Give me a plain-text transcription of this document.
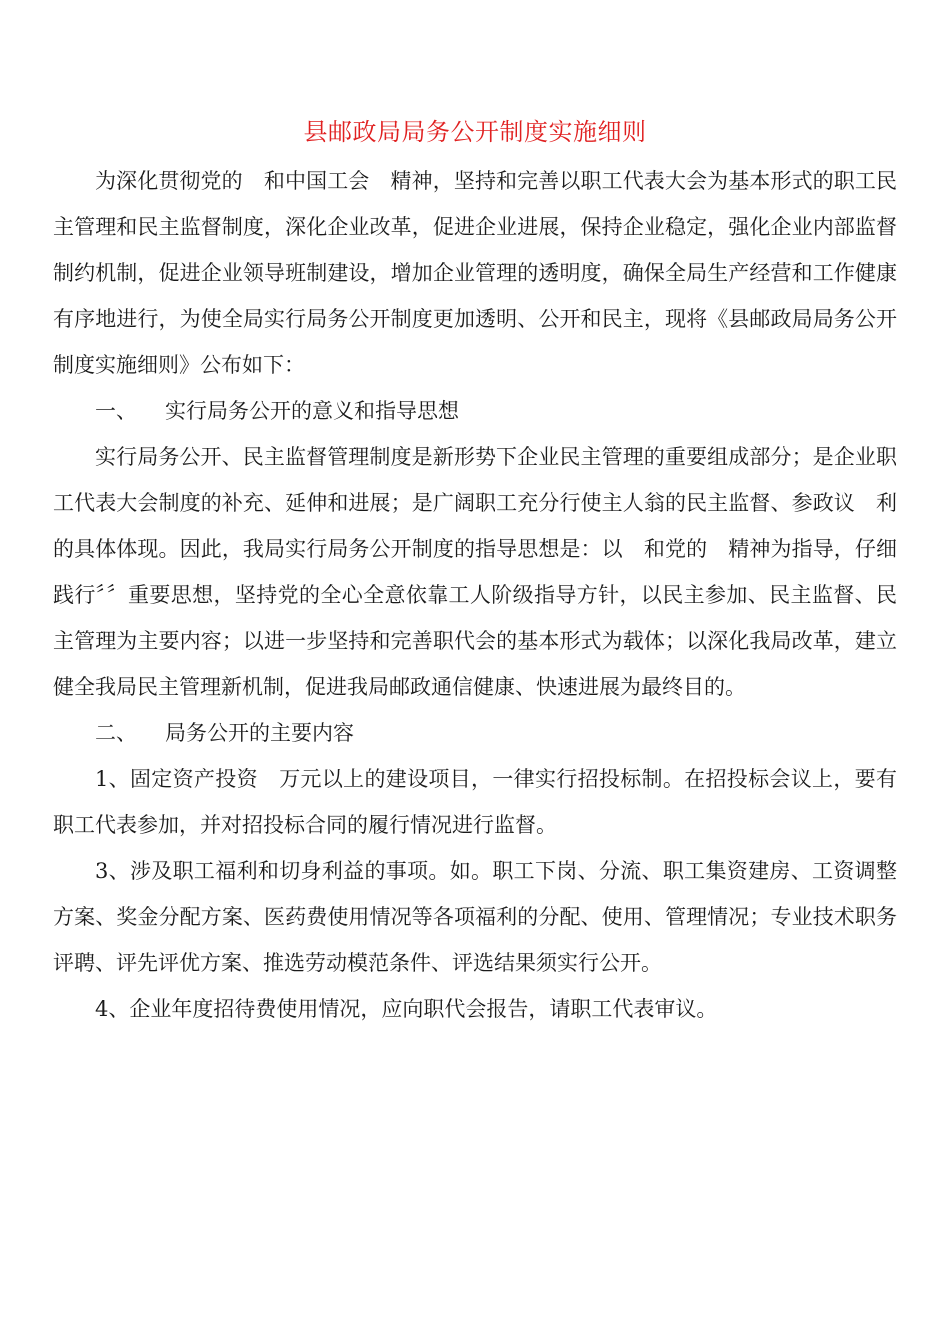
县邮政局局务公开制度实施细则

为深化贯彻党的　和中国工会　精神，坚持和完善以职工代表大会为基本形式的职工民主管理和民主监督制度，深化企业改革，促进企业进展，保持企业稳定，强化企业内部监督制约机制，促进企业领导班制建设，增加企业管理的透明度，确保全局生产经营和工作健康有序地进行，为使全局实行局务公开制度更加透明、公开和民主，现将《县邮政局局务公开制度实施细则》公布如下：

一、 实行局务公开的意义和指导思想

实行局务公开、民主监督管理制度是新形势下企业民主管理的重要组成部分；是企业职工代表大会制度的补充、延伸和进展；是广阔职工充分行使主人翁的民主监督、参政议　利的具体体现。因此，我局实行局务公开制度的指导思想是：以　和党的　精神为指导，仔细践行〞〞重要思想，坚持党的全心全意依靠工人阶级指导方针，以民主参加、民主监督、民主管理为主要内容；以进一步坚持和完善职代会的基本形式为载体；以深化我局改革，建立健全我局民主管理新机制，促进我局邮政通信健康、快速进展为最终目的。

二、 局务公开的主要内容

1、固定资产投资　万元以上的建设项目，一律实行招投标制。在招投标会议上，要有职工代表参加，并对招投标合同的履行情况进行监督。

3、涉及职工福利和切身利益的事项。如。职工下岗、分流、职工集资建房、工资调整方案、奖金分配方案、医药费使用情况等各项福利的分配、使用、管理情况；专业技术职务评聘、评先评优方案、推选劳动模范条件、评选结果须实行公开。

4、企业年度招待费使用情况，应向职代会报告，请职工代表审议。
